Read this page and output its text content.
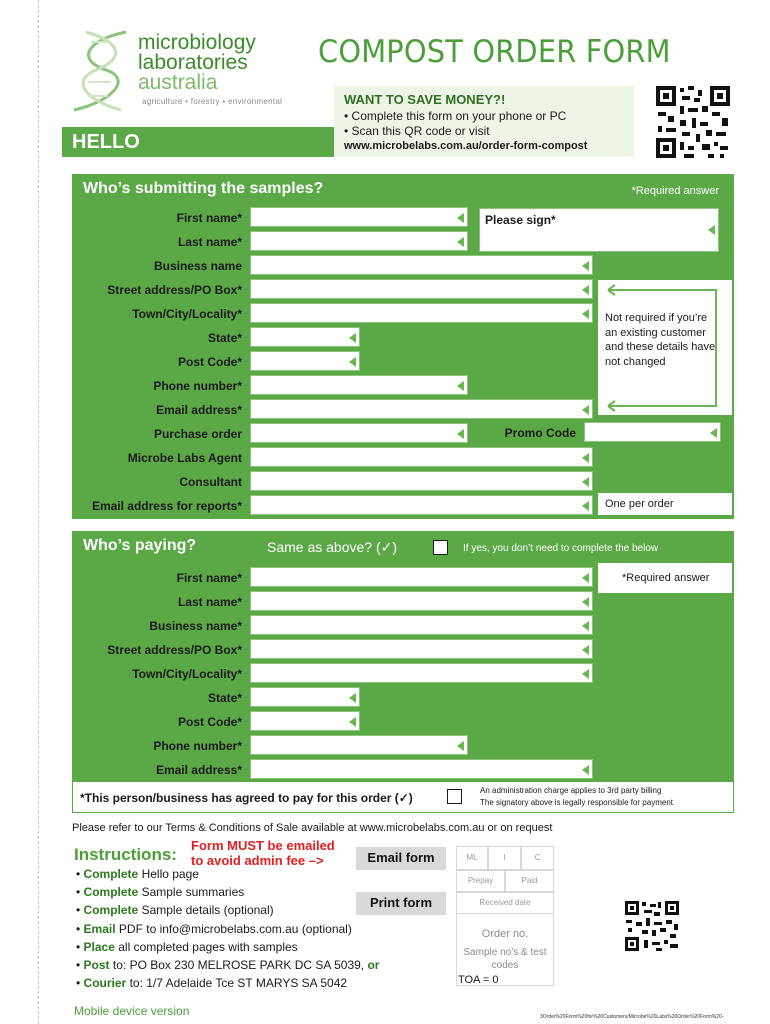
microbiology
laboratories
australia
agriculture • forestry • environmental
COMPOST ORDER FORM
HELLO
WANT TO SAVE MONEY?!
• Complete this form on your phone or PC
• Scan this QR code or visit
www.microbelabs.com.au/order-form-compost
Who’s submitting the samples?	*Required answer
Who’s paying?	Same as above? (✓)	If yes, you don’t need to complete the below
First name*
Last name*
Business name
Street address/PO Box*
Town/City/Locality*
State*
Post Code*
Phone number*
Email address*
Purchase order
Microbe Labs Agent
Consultant
Email address for reports*
First name*
Last name*
Business name*
Street address/PO Box*
Town/City/Locality*
State*
Post Code*
Phone number*
Email address*
Please sign*
Promo Code
Not required if you’re an existing customer and these details have not changed
One per order
*Required answer
*This person/business has agreed to pay for this order (✓)
An administration charge applies to 3rd party billing
The signatory above is legally responsible for payment
Please refer to our Terms & Conditions of Sale available at www.microbelabs.com.au or on request
Instructions: Form MUST be emailed
to avoid admin fee –>	Email form
Print form
• Complete Hello page
• Complete Sample summaries
• Complete Sample details (optional)
• Email PDF to info@microbelabs.com.au (optional)
• Place all completed pages with samples
• Post to: PO Box 230 MELROSE PARK DC SA 5039, or
• Courier to: 1/7 Adelaide Tce ST MARYS SA 5042
ML	I	C
Prepay	Paid
Received date
Order no.
Sample no’s & test codes
TOA = 0
Mobile device version	3Order%20Form%20for%20Customers/Microbe%20Labs%20Order%20Form%20-
